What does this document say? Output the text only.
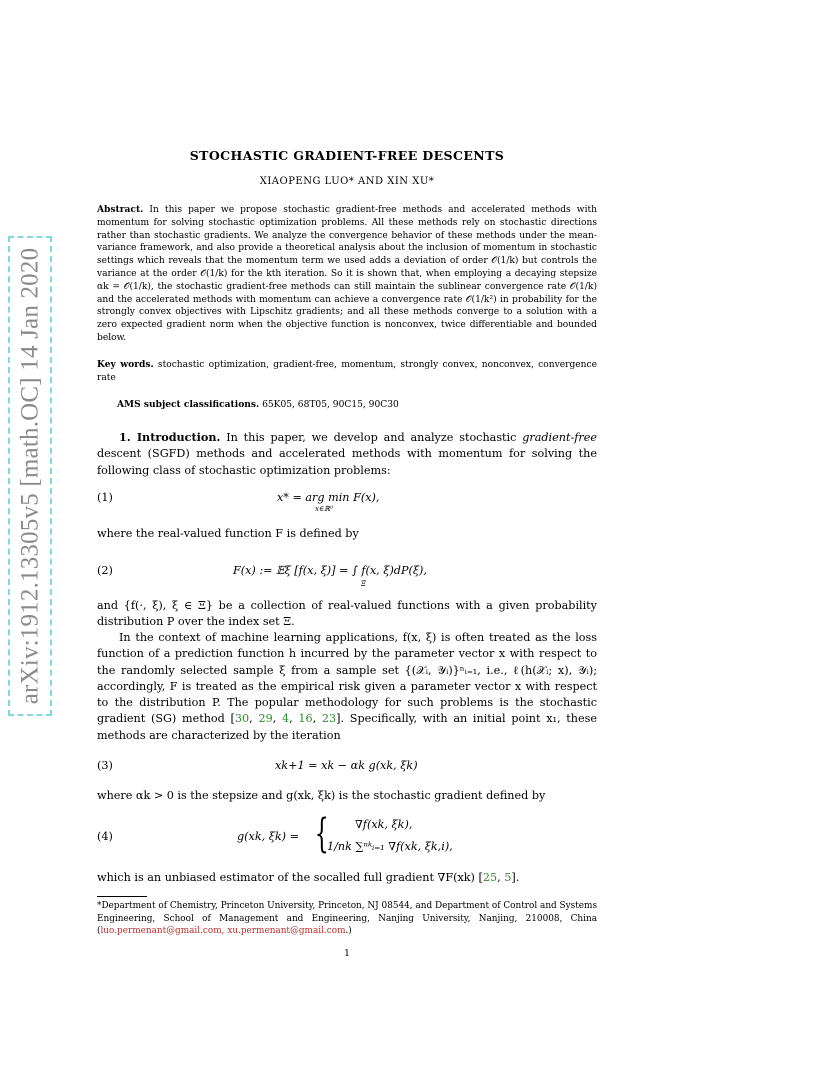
arXiv:1912.13305v5 [math.OC] 14 Jan 2020
STOCHASTIC GRADIENT-FREE DESCENTS
XIAOPENG LUO* AND XIN XU*
Abstract. In this paper we propose stochastic gradient-free methods and accelerated methods with momentum for solving stochastic optimization problems. All these methods rely on stochastic directions rather than stochastic gradients. We analyze the convergence behavior of these methods under the mean-variance framework, and also provide a theoretical analysis about the inclusion of momentum in stochastic settings which reveals that the momentum term we used adds a deviation of order 𝒪(1/k) but controls the variance at the order 𝒪(1/k) for the kth iteration. So it is shown that, when employing a decaying stepsize αk = 𝒪(1/k), the stochastic gradient-free methods can still maintain the sublinear convergence rate 𝒪(1/k) and the accelerated methods with momentum can achieve a convergence rate 𝒪(1/k²) in probability for the strongly convex objectives with Lipschitz gradients; and all these methods converge to a solution with a zero expected gradient norm when the objective function is nonconvex, twice differentiable and bounded below.
Key words. stochastic optimization, gradient-free, momentum, strongly convex, nonconvex, convergence rate
AMS subject classifications. 65K05, 68T05, 90C15, 90C30
1. Introduction. In this paper, we develop and analyze stochastic gradient-free descent (SGFD) methods and accelerated methods with momentum for solving the following class of stochastic optimization problems:
(1)	x* = arg min F(x),
x∈ℝᵈ
where the real-valued function F is defined by
(2)	F(x) := 𝔼ξ [f(x, ξ)] = ∫ f(x, ξ)dP(ξ),
Ξ
and {f(·, ξ), ξ ∈ Ξ} be a collection of real-valued functions with a given probability distribution P over the index set Ξ.
In the context of machine learning applications, f(x, ξ) is often treated as the loss function of a prediction function h incurred by the parameter vector x with respect to the randomly selected sample ξ from a sample set {(𝒳ᵢ, 𝒴ᵢ)}ⁿᵢ₌₁, i.e., ℓ(h(𝒳ᵢ; x), 𝒴ᵢ); accordingly, F is treated as the empirical risk given a parameter vector x with respect to the distribution P. The popular methodology for such problems is the stochastic gradient (SG) method [30, 29, 4, 16, 23]. Specifically, with an initial point x₁, these methods are characterized by the iteration
(3)	xk+1 = xk − αk g(xk, ξk)
where αk > 0 is the stepsize and g(xk, ξk) is the stochastic gradient defined by
(4)	g(xk, ξk) = { ∇f(xk, ξk),
1/nk ∑ⁿᵏᵢ₌₁ ∇f(xk, ξk,i),
which is an unbiased estimator of the socalled full gradient ∇F(xk) [25, 5].
*Department of Chemistry, Princeton University, Princeton, NJ 08544, and Department of Control and Systems Engineering, School of Management and Engineering, Nanjing University, Nanjing, 210008, China (luo.permenant@gmail.com, xu.permenant@gmail.com.)
1
